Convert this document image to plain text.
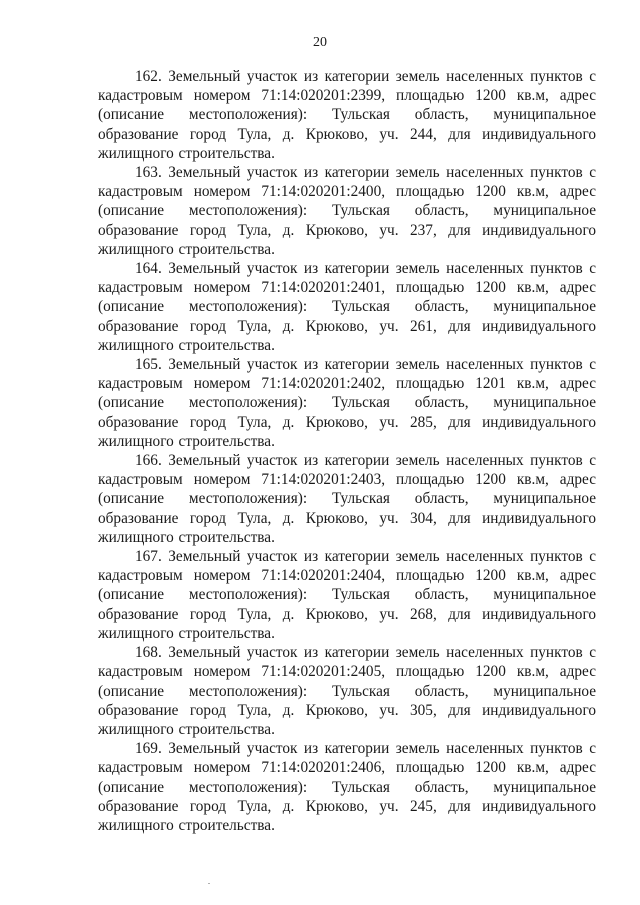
20

162. Земельный участок из категории земель населенных пунктов с кадастровым номером 71:14:020201:2399, площадью 1200 кв.м, адрес (описание местоположения): Тульская область, муниципальное образование город Тула, д. Крюково, уч. 244, для индивидуального жилищного строительства.

163. Земельный участок из категории земель населенных пунктов с кадастровым номером 71:14:020201:2400, площадью 1200 кв.м, адрес (описание местоположения): Тульская область, муниципальное образование город Тула, д. Крюково, уч. 237, для индивидуального жилищного строительства.

164. Земельный участок из категории земель населенных пунктов с кадастровым номером 71:14:020201:2401, площадью 1200 кв.м, адрес (описание местоположения): Тульская область, муниципальное образование город Тула, д. Крюково, уч. 261, для индивидуального жилищного строительства.

165. Земельный участок из категории земель населенных пунктов с кадастровым номером 71:14:020201:2402, площадью 1201 кв.м, адрес (описание местоположения): Тульская область, муниципальное образование город Тула, д. Крюково, уч. 285, для индивидуального жилищного строительства.

166. Земельный участок из категории земель населенных пунктов с кадастровым номером 71:14:020201:2403, площадью 1200 кв.м, адрес (описание местоположения): Тульская область, муниципальное образование город Тула, д. Крюково, уч. 304, для индивидуального жилищного строительства.

167. Земельный участок из категории земель населенных пунктов с кадастровым номером 71:14:020201:2404, площадью 1200 кв.м, адрес (описание местоположения): Тульская область, муниципальное образование город Тула, д. Крюково, уч. 268, для индивидуального жилищного строительства.

168. Земельный участок из категории земель населенных пунктов с кадастровым номером 71:14:020201:2405, площадью 1200 кв.м, адрес (описание местоположения): Тульская область, муниципальное образование город Тула, д. Крюково, уч. 305, для индивидуального жилищного строительства.

169. Земельный участок из категории земель населенных пунктов с кадастровым номером 71:14:020201:2406, площадью 1200 кв.м, адрес (описание местоположения): Тульская область, муниципальное образование город Тула, д. Крюково, уч. 245, для индивидуального жилищного строительства.
